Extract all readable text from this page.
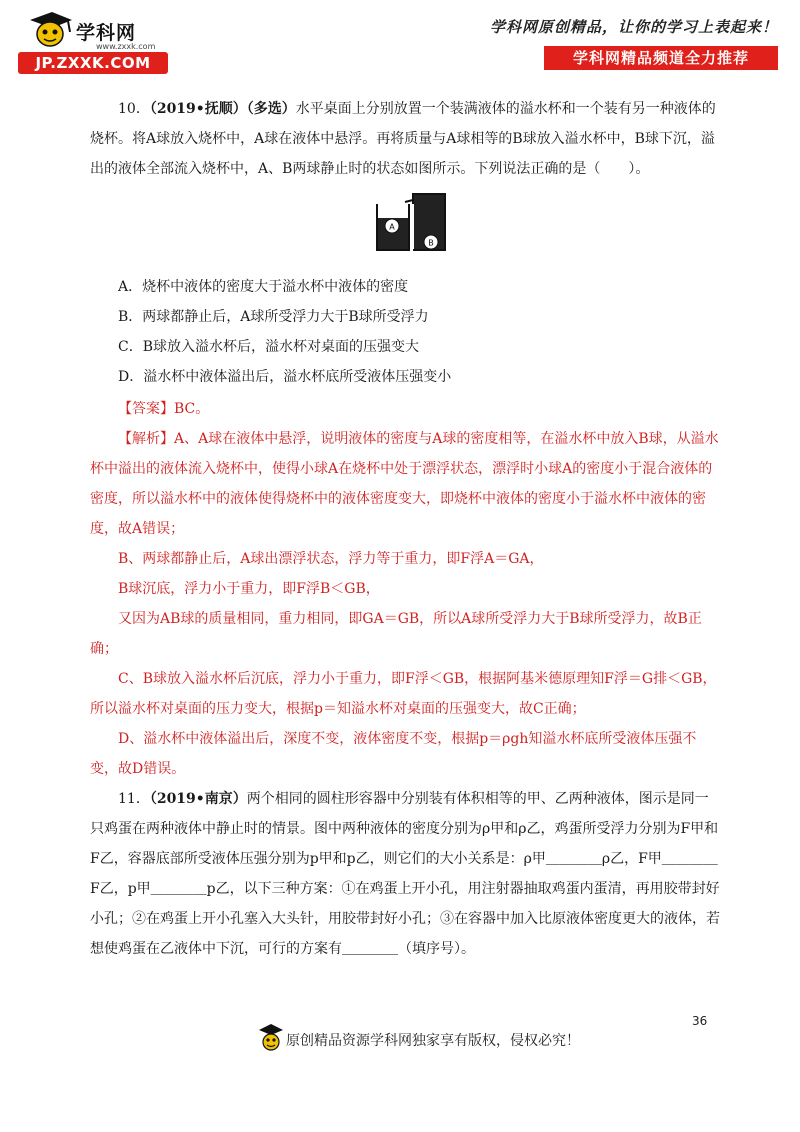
学科网
www.zxxk.com
JP.ZXXK.COM
学科网原创精品，让你的学习上表起来！
学科网精品频道全力推荐

10．（2019•抚顺）（多选）水平桌面上分别放置一个装满液体的溢水杯和一个装有另一种液体的烧杯。将A球放入烧杯中，A球在液体中悬浮。再将质量与A球相等的B球放入溢水杯中，B球下沉，溢出的液体全部流入烧杯中，A、B两球静止时的状态如图所示。下列说法正确的是（　　）。

A
B

A．烧杯中液体的密度大于溢水杯中液体的密度

B．两球都静止后，A球所受浮力大于B球所受浮力

C．B球放入溢水杯后，溢水杯对桌面的压强变大

D．溢水杯中液体溢出后，溢水杯底所受液体压强变小

【答案】BC。

【解析】A、A球在液体中悬浮，说明液体的密度与A球的密度相等，在溢水杯中放入B球，从溢水杯中溢出的液体流入烧杯中，使得小球A在烧杯中处于漂浮状态，漂浮时小球A的密度小于混合液体的密度，所以溢水杯中的液体使得烧杯中的液体密度变大，即烧杯中液体的密度小于溢水杯中液体的密度，故A错误；

B、两球都静止后，A球出漂浮状态，浮力等于重力，即F浮A＝GA，

B球沉底，浮力小于重力，即F浮B＜GB，

又因为AB球的质量相同，重力相同，即GA＝GB，所以A球所受浮力大于B球所受浮力，故B正确；

C、B球放入溢水杯后沉底，浮力小于重力，即F浮＜GB，根据阿基米德原理知F浮＝G排＜GB，所以溢水杯对桌面的压力变大，根据p＝知溢水杯对桌面的压强变大，故C正确；

D、溢水杯中液体溢出后，深度不变，液体密度不变，根据p＝ρgh知溢水杯底所受液体压强不变，故D错误。

11．（2019•南京）两个相同的圆柱形容器中分别装有体积相等的甲、乙两种液体，图示是同一只鸡蛋在两种液体中静止时的情景。图中两种液体的密度分别为ρ甲和ρ乙，鸡蛋所受浮力分别为F甲和F乙，容器底部所受液体压强分别为p甲和p乙，则它们的大小关系是：ρ甲＿＿＿＿ρ乙，F甲＿＿＿＿F乙，p甲＿＿＿＿p乙，以下三种方案：①在鸡蛋上开小孔，用注射器抽取鸡蛋内蛋清，再用胶带封好小孔；②在鸡蛋上开小孔塞入大头针，用胶带封好小孔；③在容器中加入比原液体密度更大的液体，若想使鸡蛋在乙液体中下沉，可行的方案有＿＿＿＿（填序号）。

36
原创精品资源学科网独家享有版权，侵权必究！
